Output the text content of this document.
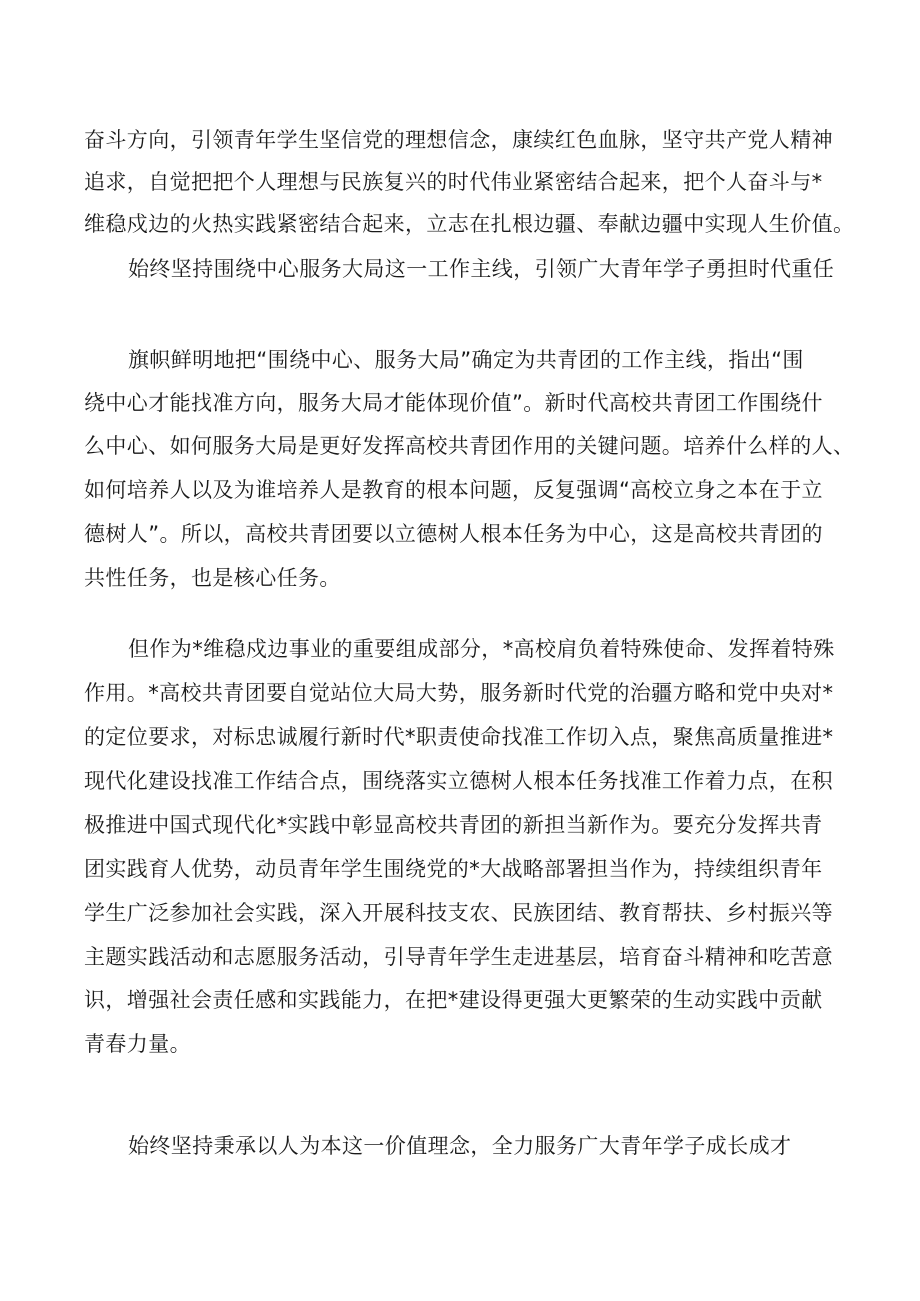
奋斗方向，引领青年学生坚信党的理想信念，康续红色血脉，坚守共产党人精神
追求，自觉把把个人理想与民族复兴的时代伟业紧密结合起来，把个人奋斗与*
维稳戍边的火热实践紧密结合起来，立志在扎根边疆、奉献边疆中实现人生价值。
始终坚持围绕中心服务大局这一工作主线，引领广大青年学子勇担时代重任
旗帜鲜明地把“围绕中心、服务大局”确定为共青团的工作主线，指出“围
绕中心才能找准方向，服务大局才能体现价值”。新时代高校共青团工作围绕什
么中心、如何服务大局是更好发挥高校共青团作用的关键问题。培养什么样的人、
如何培养人以及为谁培养人是教育的根本问题，反复强调“高校立身之本在于立
德树人”。所以，高校共青团要以立德树人根本任务为中心，这是高校共青团的
共性任务，也是核心任务。
但作为*维稳戍边事业的重要组成部分，*高校肩负着特殊使命、发挥着特殊
作用。*高校共青团要自觉站位大局大势，服务新时代党的治疆方略和党中央对*
的定位要求，对标忠诚履行新时代*职责使命找准工作切入点，聚焦高质量推进*
现代化建设找准工作结合点，围绕落实立德树人根本任务找准工作着力点，在积
极推进中国式现代化*实践中彰显高校共青团的新担当新作为。要充分发挥共青
团实践育人优势，动员青年学生围绕党的*大战略部署担当作为，持续组织青年
学生广泛参加社会实践，深入开展科技支农、民族团结、教育帮扶、乡村振兴等
主题实践活动和志愿服务活动，引导青年学生走进基层，培育奋斗精神和吃苦意
识，增强社会责任感和实践能力，在把*建设得更强大更繁荣的生动实践中贡献
青春力量。
始终坚持秉承以人为本这一价值理念，全力服务广大青年学子成长成才
